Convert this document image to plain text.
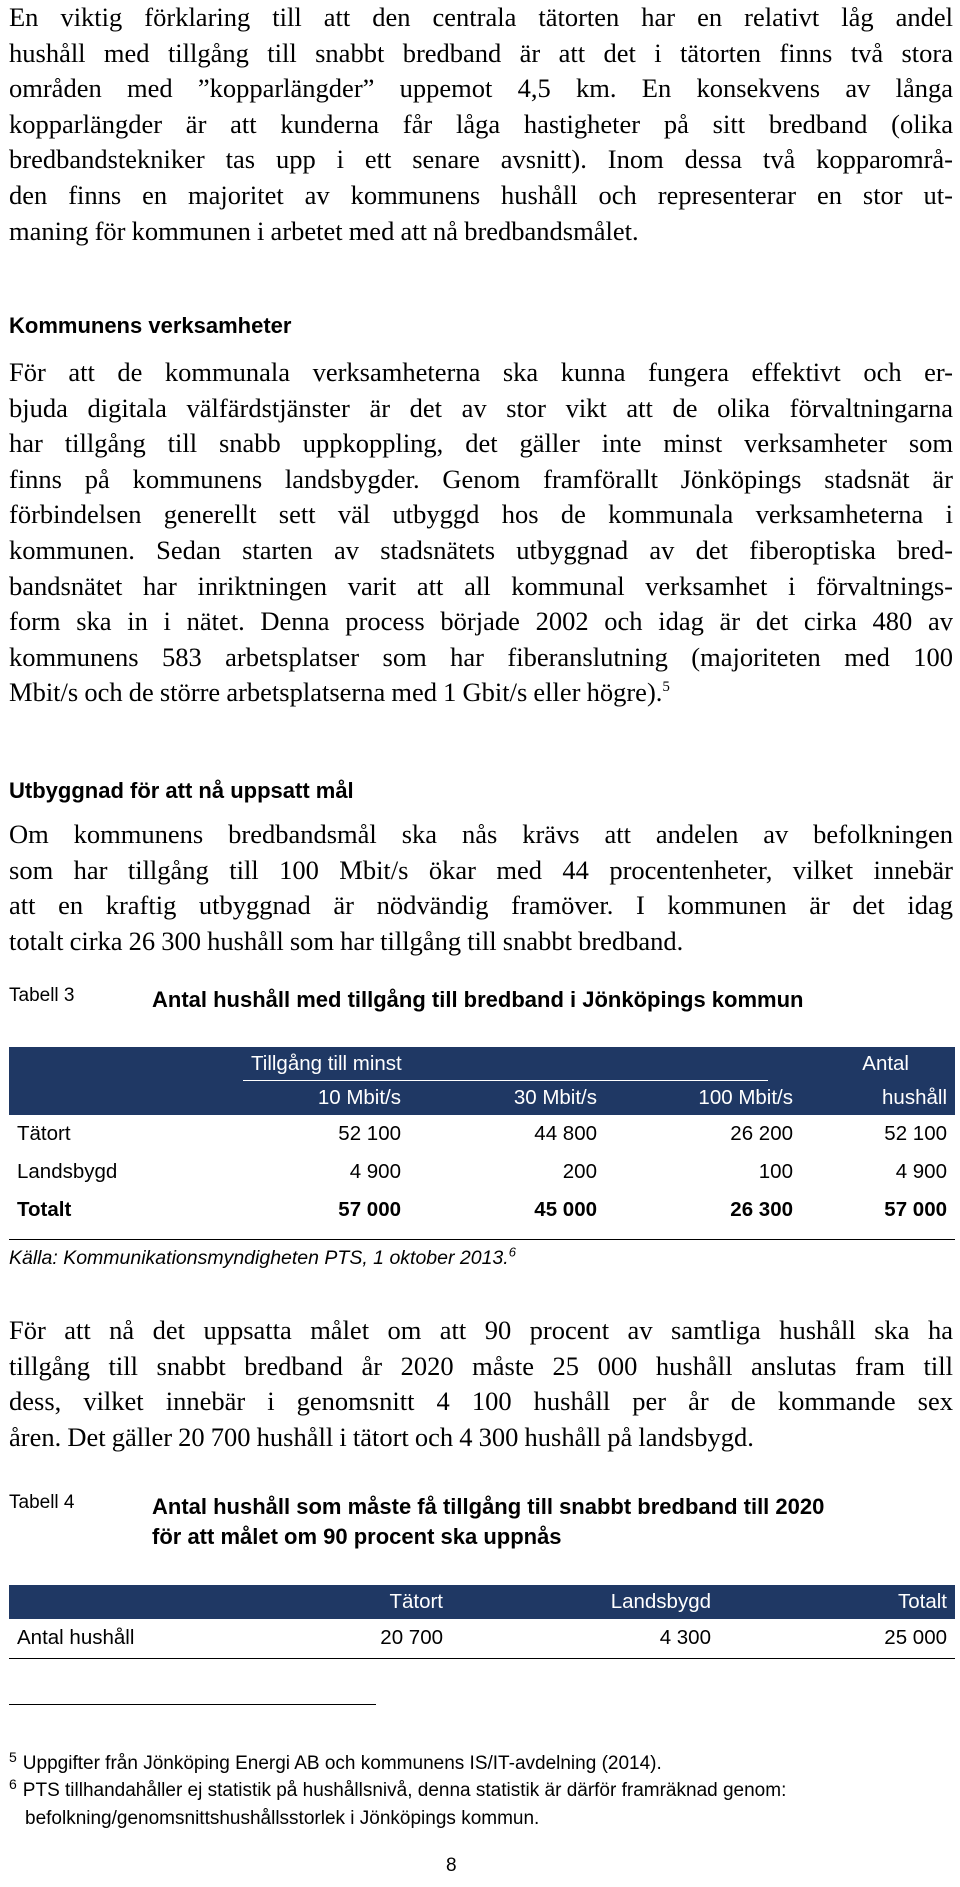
En viktig förklaring till att den centrala tätorten har en relativt låg andel
hushåll med tillgång till snabbt bredband är att det i tätorten finns två stora
områden med ”kopparlängder” uppemot 4,5 km. En konsekvens av långa
kopparlängder är att kunderna får låga hastigheter på sitt bredband (olika
bredbandstekniker tas upp i ett senare avsnitt). Inom dessa två kopparområ-
den finns en majoritet av kommunens hushåll och representerar en stor ut-
maning för kommunen i arbetet med att nå bredbandsmålet.
Kommunens verksamheter
För att de kommunala verksamheterna ska kunna fungera effektivt och er-
bjuda digitala välfärdstjänster är det av stor vikt att de olika förvaltningarna
har tillgång till snabb uppkoppling, det gäller inte minst verksamheter som
finns på kommunens landsbygder. Genom framförallt Jönköpings stadsnät är
förbindelsen generellt sett väl utbyggd hos de kommunala verksamheterna i
kommunen. Sedan starten av stadsnätets utbyggnad av det fiberoptiska bred-
bandsnätet har inriktningen varit att all kommunal verksamhet i förvaltnings-
form ska in i nätet. Denna process började 2002 och idag är det cirka 480 av
kommunens 583 arbetsplatser som har fiberanslutning (majoriteten med 100
Mbit/s och de större arbetsplatserna med 1 Gbit/s eller högre).$^5$
Utbyggnad för att nå uppsatt mål
Om kommunens bredbandsmål ska nås krävs att andelen av befolkningen
som har tillgång till 100 Mbit/s ökar med 44 procentenheter, vilket innebär
att en kraftig utbyggnad är nödvändig framöver. I kommunen är det idag
totalt cirka 26 300 hushåll som har tillgång till snabbt bredband.
Tabell 3	Antal hushåll med tillgång till bredband i Jönköpings kommun

	Tillgång till minst			Antal
	10 Mbit/s	30 Mbit/s	100 Mbit/s	hushåll
Tätort	52 100	44 800	26 200	52 100
Landsbygd	4 900	200	100	4 900
Totalt	57 000	45 000	26 300	57 000
Källa: Kommunikationsmyndigheten PTS, 1 oktober 2013.$^6$
För att nå det uppsatta målet om att 90 procent av samtliga hushåll ska ha
tillgång till snabbt bredband år 2020 måste 25 000 hushåll anslutas fram till
dess, vilket innebär i genomsnitt 4 100 hushåll per år de kommande sex
åren. Det gäller 20 700 hushåll i tätort och 4 300 hushåll på landsbygd.
Tabell 4	Antal hushåll som måste få tillgång till snabbt bredband till 2020
för att målet om 90 procent ska uppnås
	Tätort	Landsbygd	Totalt
Antal hushåll	20 700	4 300	25 000
$^5$ Uppgifter från Jönköping Energi AB och kommunens IS/IT-avdelning (2014).
$^6$ PTS tillhandahåller ej statistik på hushållsnivå, denna statistik är därför framräknad genom:
befolkning/genomsnittshushållsstorlek i Jönköpings kommun.
8
